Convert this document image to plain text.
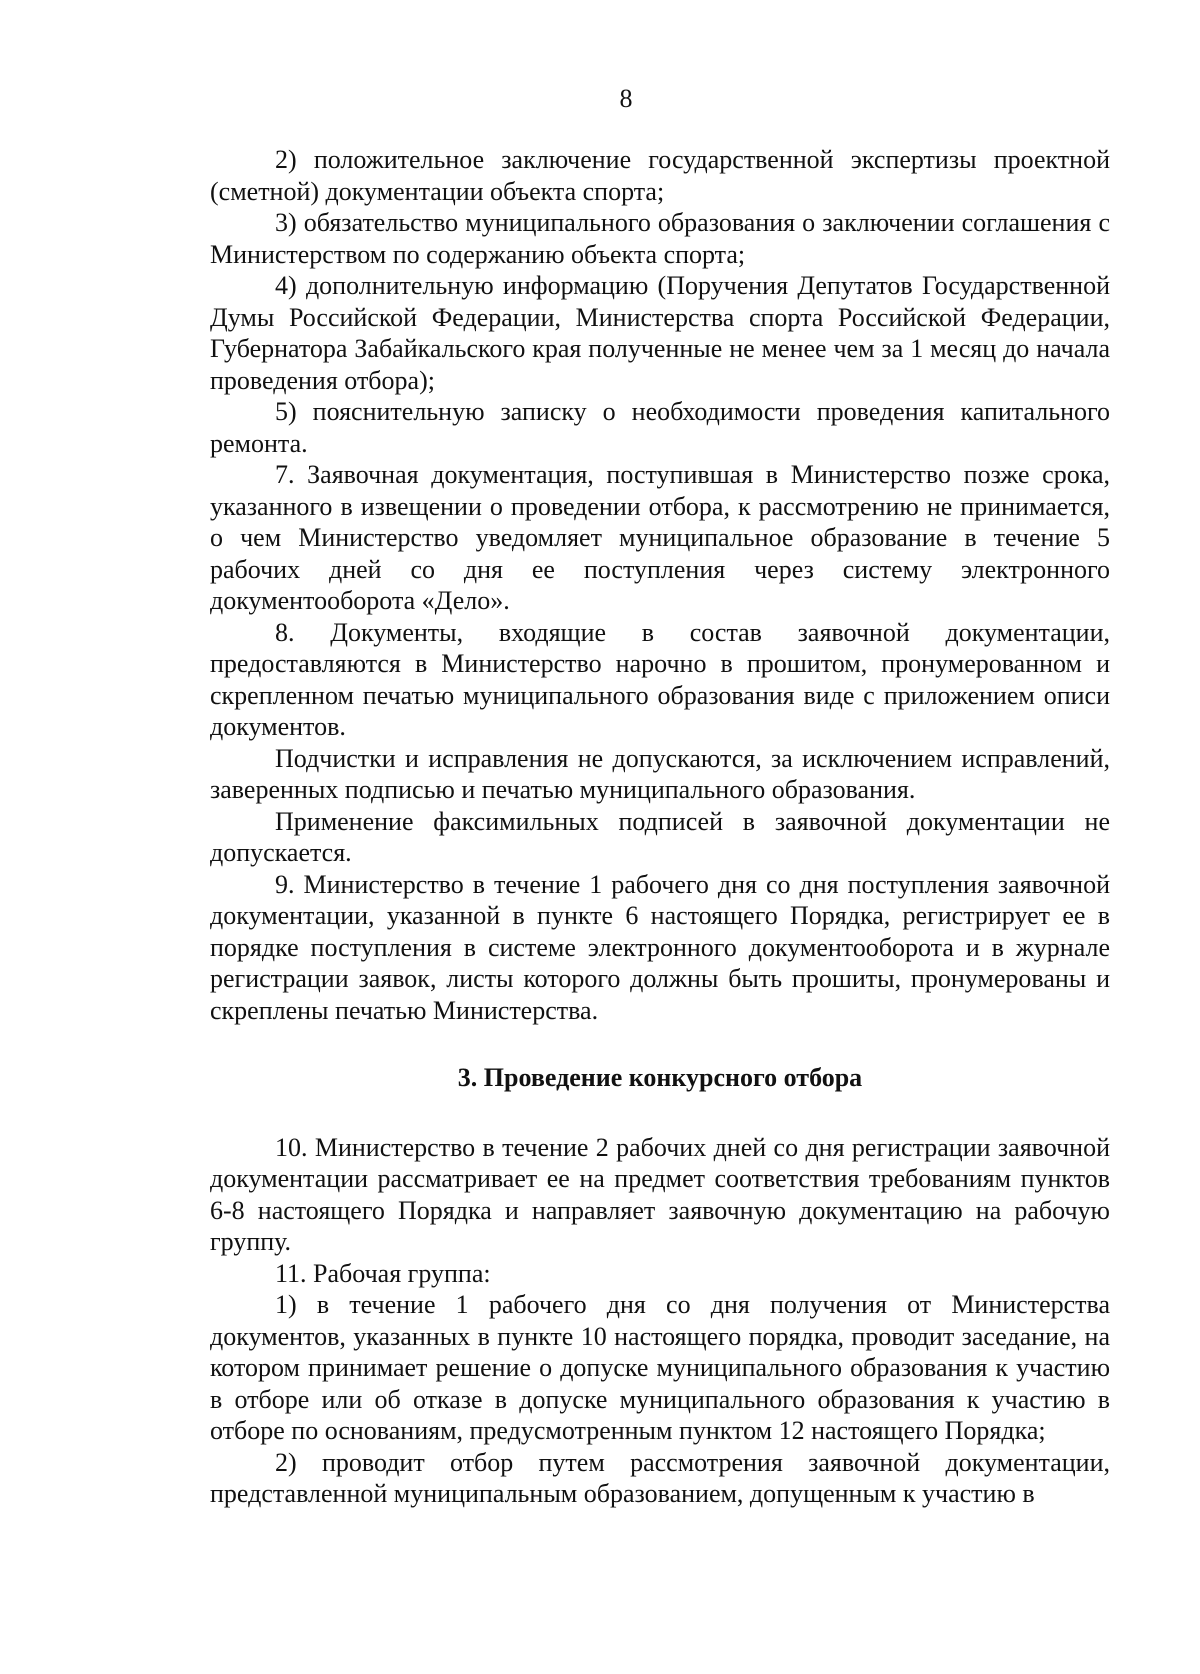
8

2) положительное заключение государственной экспертизы проектной (сметной) документации объекта спорта;

3) обязательство муниципального образования о заключении соглашения с Министерством по содержанию объекта спорта;

4) дополнительную информацию (Поручения Депутатов Государственной Думы Российской Федерации, Министерства спорта Российской Федерации, Губернатора Забайкальского края полученные не менее чем за 1 месяц до начала проведения отбора);

5) пояснительную записку о необходимости проведения капитального ремонта.

7. Заявочная документация, поступившая в Министерство позже срока, указанного в извещении о проведении отбора, к рассмотрению не принимается, о чем Министерство уведомляет муниципальное образование в течение 5 рабочих дней со дня ее поступления через систему электронного документооборота «Дело».

8. Документы, входящие в состав заявочной документации, предоставляются в Министерство нарочно в прошитом, пронумерованном и скрепленном печатью муниципального образования виде с приложением описи документов.

Подчистки и исправления не допускаются, за исключением исправлений, заверенных подписью и печатью муниципального образования.

Применение факсимильных подписей в заявочной документации не допускается.

9. Министерство в течение 1 рабочего дня со дня поступления заявочной документации, указанной в пункте 6 настоящего Порядка, регистрирует ее в порядке поступления в системе электронного документооборота и в журнале регистрации заявок, листы которого должны быть прошиты, пронумерованы и скреплены печатью Министерства.

3. Проведение конкурсного отбора

10. Министерство в течение 2 рабочих дней со дня регистрации заявочной документации рассматривает ее на предмет соответствия требованиям пунктов 6-8 настоящего Порядка и направляет заявочную документацию на рабочую группу.

11. Рабочая группа:

1) в течение 1 рабочего дня со дня получения от Министерства документов, указанных в пункте 10 настоящего порядка, проводит заседание, на котором принимает решение о допуске муниципального образования к участию в отборе или об отказе в допуске муниципального образования к участию в отборе по основаниям, предусмотренным пунктом 12 настоящего Порядка;

2) проводит отбор путем рассмотрения заявочной документации, представленной муниципальным образованием, допущенным к участию в
